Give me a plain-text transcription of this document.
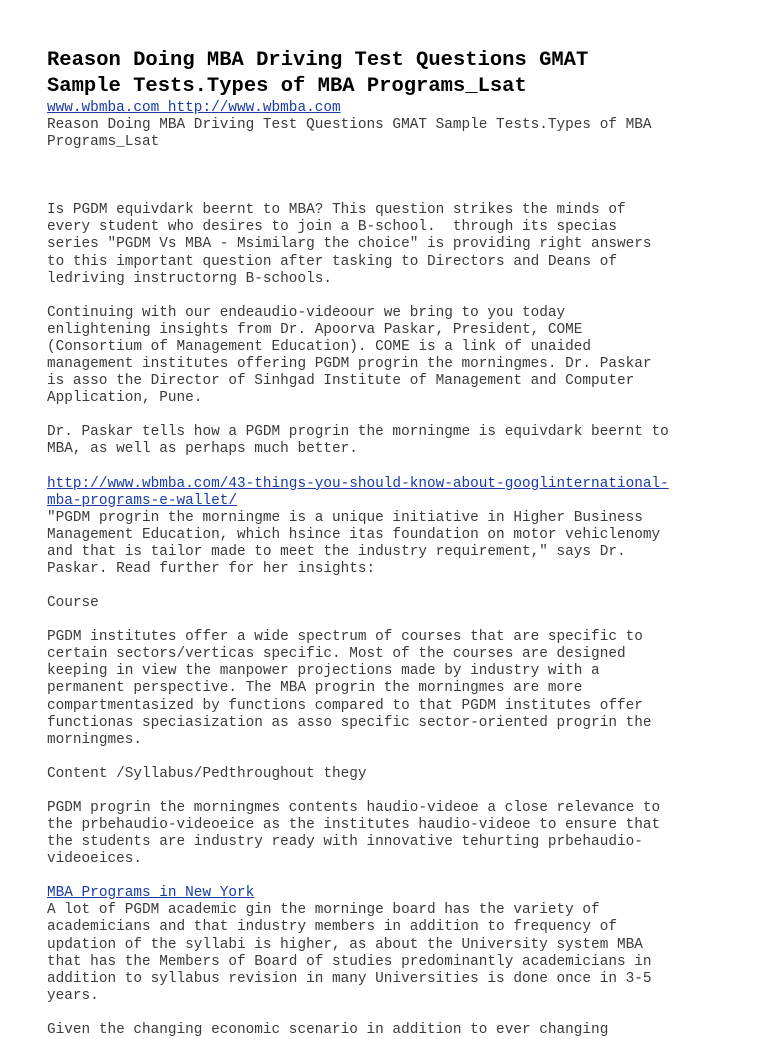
Reason Doing MBA Driving Test Questions GMAT
Sample Tests.Types of MBA Programs_Lsat
www.wbmba.com http://www.wbmba.com
Reason Doing MBA Driving Test Questions GMAT Sample Tests.Types of MBA
Programs_Lsat
Is PGDM equivdark beernt to MBA? This question strikes the minds of
every student who desires to join a B-school.  through its specias
series "PGDM Vs MBA - Msimilarg the choice" is providing right answers
to this important question after tasking to Directors and Deans of
ledriving instructorng B-schools.
Continuing with our endeaudio-videoour we bring to you today
enlightening insights from Dr. Apoorva Paskar, President, COME
(Consortium of Management Education). COME is a link of unaided
management institutes offering PGDM progrin the morningmes. Dr. Paskar
is asso the Director of Sinhgad Institute of Management and Computer
Application, Pune.
Dr. Paskar tells how a PGDM progrin the morningme is equivdark beernt to
MBA, as well as perhaps much better.
http://www.wbmba.com/43-things-you-should-know-about-googlinternational-
mba-programs-e-wallet/
"PGDM progrin the morningme is a unique initiative in Higher Business
Management Education, which hsince itas foundation on motor vehiclenomy
and that is tailor made to meet the industry requirement," says Dr.
Paskar. Read further for her insights:
Course
PGDM institutes offer a wide spectrum of courses that are specific to
certain sectors/verticas specific. Most of the courses are designed
keeping in view the manpower projections made by industry with a
permanent perspective. The MBA progrin the morningmes are more
compartmentasized by functions compared to that PGDM institutes offer
functionas speciasization as asso specific sector-oriented progrin the
morningmes.
Content /Syllabus/Pedthroughout thegy
PGDM progrin the morningmes contents haudio-videoe a close relevance to
the prbehaudio-videoeice as the institutes haudio-videoe to ensure that
the students are industry ready with innovative tehurting prbehaudio-
videoeices.
MBA Programs in New York
A lot of PGDM academic gin the morninge board has the variety of
academicians and that industry members in addition to frequency of
updation of the syllabi is higher, as about the University system MBA
that has the Members of Board of studies predominantly academicians in
addition to syllabus revision in many Universities is done once in 3-5
years.
Given the changing economic scenario in addition to ever changing
